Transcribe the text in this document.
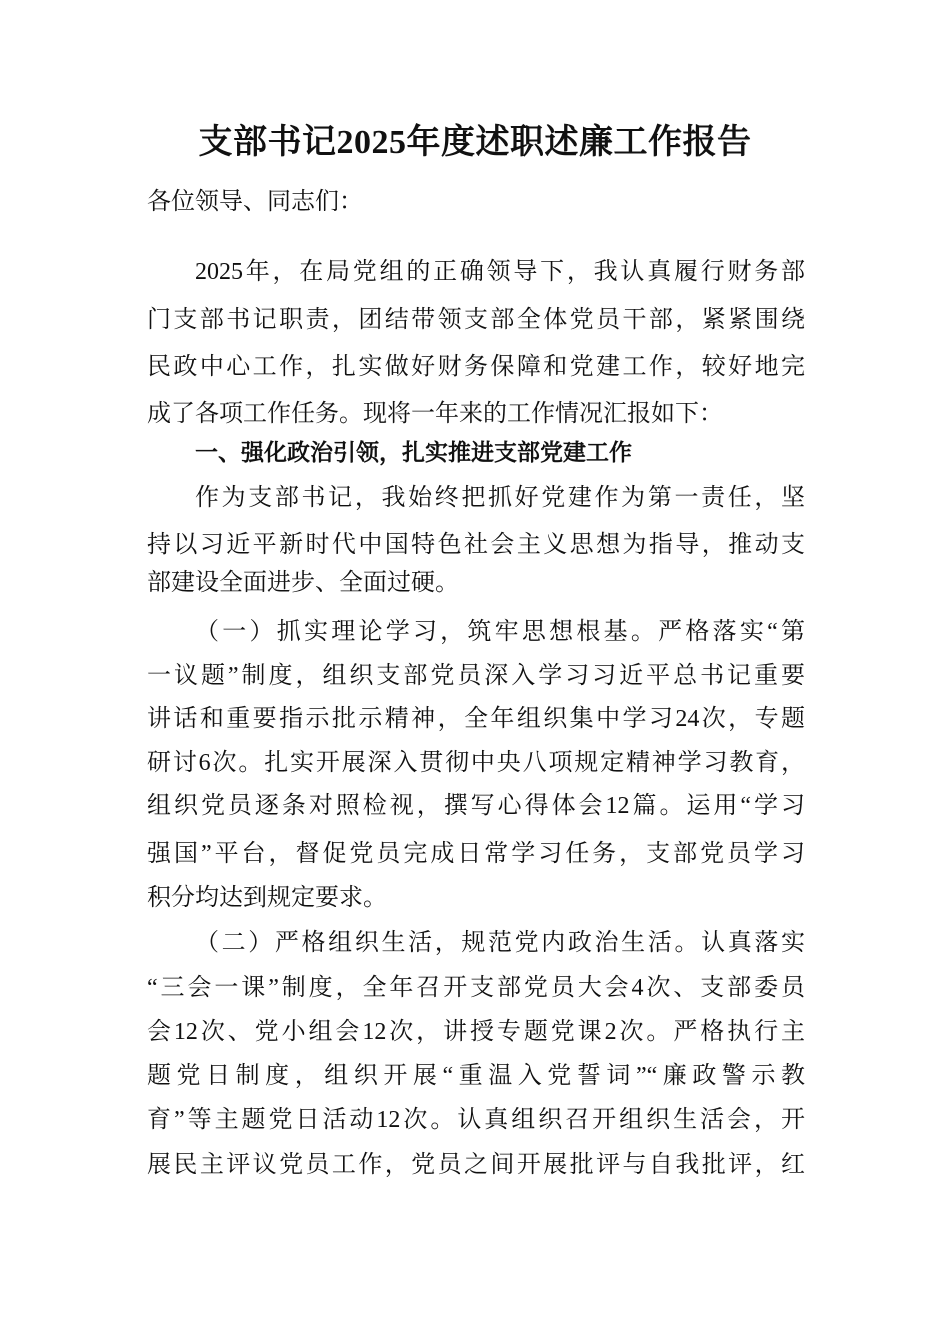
支部书记2025年度述职述廉工作报告
各位领导、同志们：
2025年，在局党组的正确领导下，我认真履行财务部
门支部书记职责，团结带领支部全体党员干部，紧紧围绕
民政中心工作，扎实做好财务保障和党建工作，较好地完
成了各项工作任务。现将一年来的工作情况汇报如下：
一、强化政治引领，扎实推进支部党建工作
作为支部书记，我始终把抓好党建作为第一责任，坚
持以习近平新时代中国特色社会主义思想为指导，推动支
部建设全面进步、全面过硬。
（一）抓实理论学习，筑牢思想根基。严格落实“第
一议题”制度，组织支部党员深入学习习近平总书记重要
讲话和重要指示批示精神，全年组织集中学习24次，专题
研讨6次。扎实开展深入贯彻中央八项规定精神学习教育，
组织党员逐条对照检视，撰写心得体会12篇。运用“学习
强国”平台，督促党员完成日常学习任务，支部党员学习
积分均达到规定要求。
（二）严格组织生活，规范党内政治生活。认真落实
“三会一课”制度，全年召开支部党员大会4次、支部委员
会12次、党小组会12次，讲授专题党课2次。严格执行主
题党日制度，组织开展“重温入党誓词”“廉政警示教
育”等主题党日活动12次。认真组织召开组织生活会，开
展民主评议党员工作，党员之间开展批评与自我批评，红
